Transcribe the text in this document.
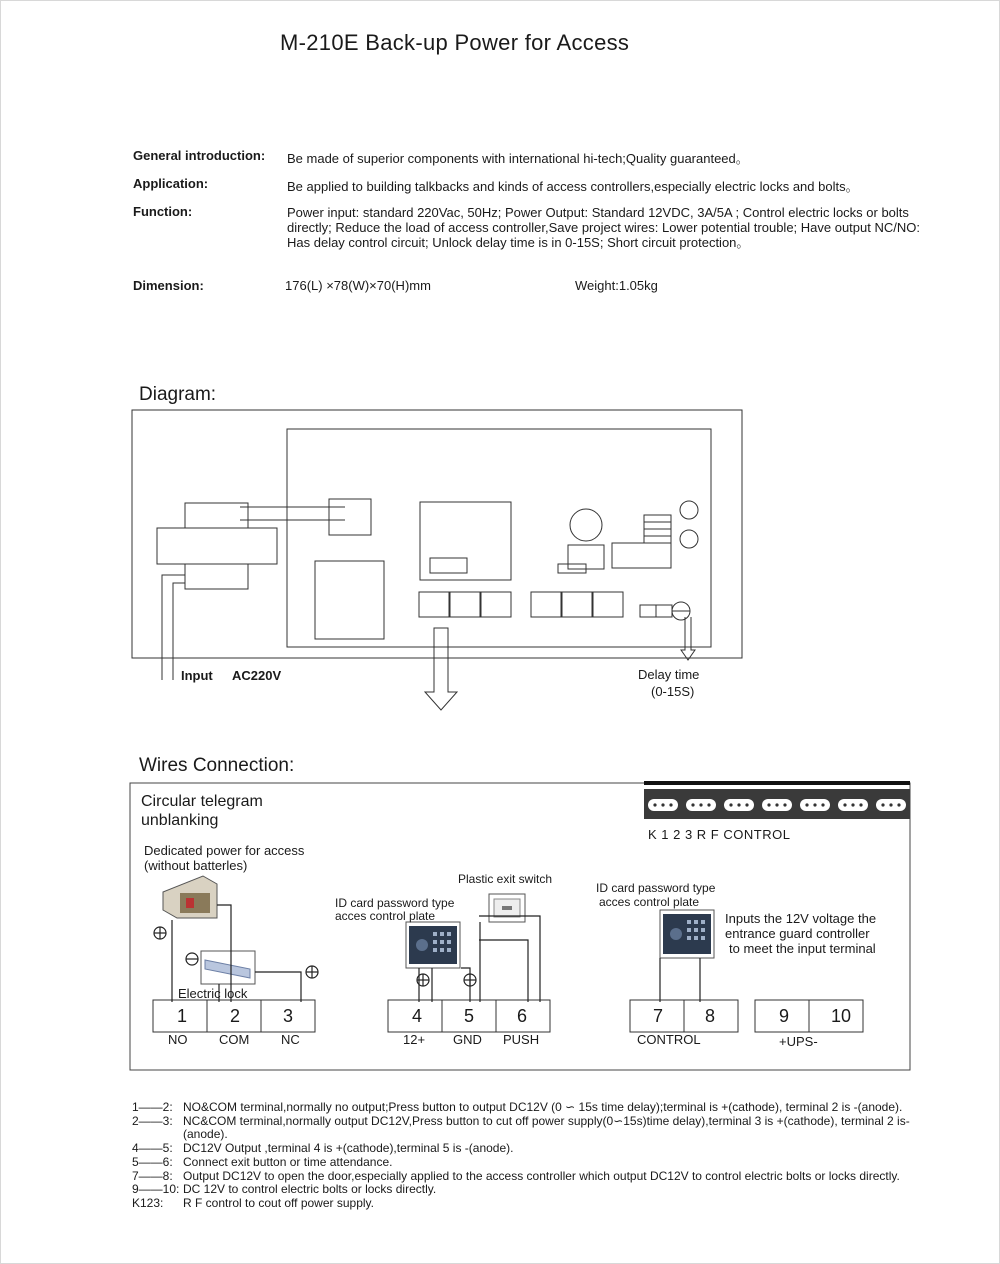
M-210E Back-up Power for Access
General introduction: Be made of superior components with international hi-tech;Quality guaranteed。
Application:	Be applied to building talkbacks and kinds of access controllers,especially electric locks and bolts。
Function:	Power input: standard 220Vac, 50Hz; Power Output: Standard 12VDC, 3A/5A ; Control electric locks or bolts directly; Reduce the load of access controller,Save project wires: Lower potential trouble; Have output NC/NO: Has delay control circuit; Unlock delay time is in 0-15S; Short circuit protection。
Dimension:	176(L) ×78(W)×70(H)mm	Weight:1.05kg
Diagram:
Wires Connection:
Input AC220V	Delay time
(0-15S)
Circular telegram
unblanking
Dedicated power for access
(without batterles)
Plastic exit switch
ID card password type
acces control plate
ID card password type
acces control plate
Inputs the 12V voltage the
entrance guard controller
to meet the input terminal
Electric lock
K 1 2 3 R F CONTROL
1 2 3	4 5 6	7 8	9 10
NO COM NC	12+ GND PUSH	CONTROL	+UPS-
1——2: NO&COM terminal,normally no output;Press button to output DC12V (0 ∽ 15s time delay);terminal is +(cathode), terminal 2 is -(anode).
2——3: NC&COM terminal,normally output DC12V,Press button to cut off power supply(0∽15s)time delay),terminal 3 is +(cathode), terminal 2 is-(anode).
4——5: DC12V Output ,terminal 4 is +(cathode),terminal 5 is -(anode).
5——6: Connect exit button or time attendance.
7——8: Output DC12V to open the door,especially applied to the access controller which output DC12V to control electric bolts or locks directly.
9——10: DC 12V to control electric bolts or locks directly.
K123:	R F control to cout off power supply.
